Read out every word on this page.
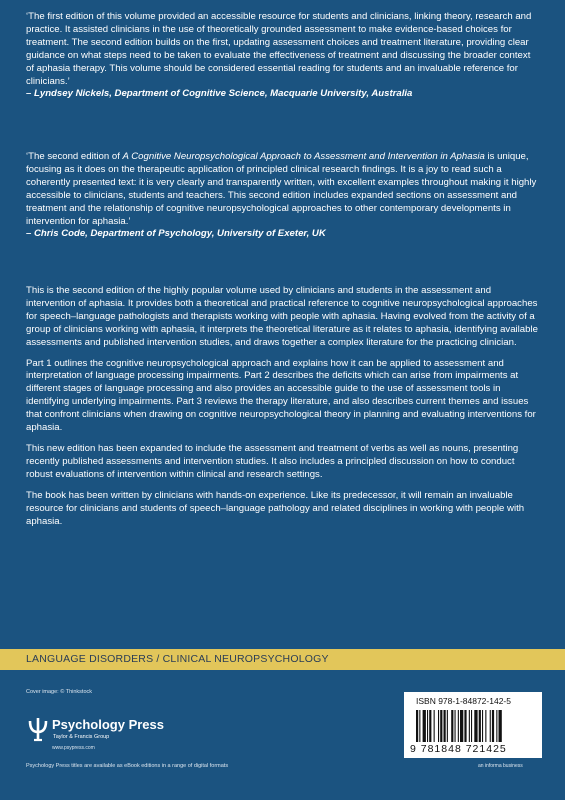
‘The first edition of this volume provided an accessible resource for students and clinicians, linking theory, research and practice. It assisted clinicians in the use of theoretically grounded assessment to make evidence-based choices for treatment. The second edition builds on the first, updating assessment choices and treatment literature, providing clear guidance on what steps need to be taken to evaluate the effectiveness of treatment and discussing the broader context of aphasia therapy. This volume should be considered essential reading for students and an invaluable reference for clinicians.’

– Lyndsey Nickels, Department of Cognitive Science, Macquarie University, Australia

‘The second edition of A Cognitive Neuropsychological Approach to Assessment and Intervention in Aphasia is unique, focusing as it does on the therapeutic application of principled clinical research findings. It is a joy to read such a coherently presented text: it is very clearly and transparently written, with excellent examples throughout making it highly accessible to clinicians, students and teachers. This second edition includes expanded sections on assessment and treatment and the relationship of cognitive neuropsychological approaches to other contemporary developments in intervention for aphasia.’

– Chris Code, Department of Psychology, University of Exeter, UK

This is the second edition of the highly popular volume used by clinicians and students in the assessment and intervention of aphasia. It provides both a theoretical and practical reference to cognitive neuropsychological approaches for speech–language pathologists and therapists working with people with aphasia. Having evolved from the activity of a group of clinicians working with aphasia, it interprets the theoretical literature as it relates to aphasia, identifying available assessments and published intervention studies, and draws together a complex literature for the practicing clinician.

Part 1 outlines the cognitive neuropsychological approach and explains how it can be applied to assessment and interpretation of language processing impairments. Part 2 describes the deficits which can arise from impairments at different stages of language processing and also provides an accessible guide to the use of assessment tools in identifying underlying impairments. Part 3 reviews the therapy literature, and also describes current themes and issues that confront clinicians when drawing on cognitive neuropsychological theory in planning and evaluating interventions for aphasia.

This new edition has been expanded to include the assessment and treatment of verbs as well as nouns, presenting recently published assessments and intervention studies. It also includes a principled discussion on how to conduct robust evaluations of intervention within clinical and research settings.

The book has been written by clinicians with hands-on experience. Like its predecessor, it will remain an invaluable resource for clinicians and students of speech–language pathology and related disciplines in working with people with aphasia.

LANGUAGE DISORDERS / CLINICAL NEUROPSYCHOLOGY
Cover image: © Thinkstock
Psychology Press
Taylor & Francis Group
www.psypress.com
Psychology Press titles are available as eBook editions in a range of digital formats
ISBN 978-1-84872-142-5
9 781848 721425
an informa business
